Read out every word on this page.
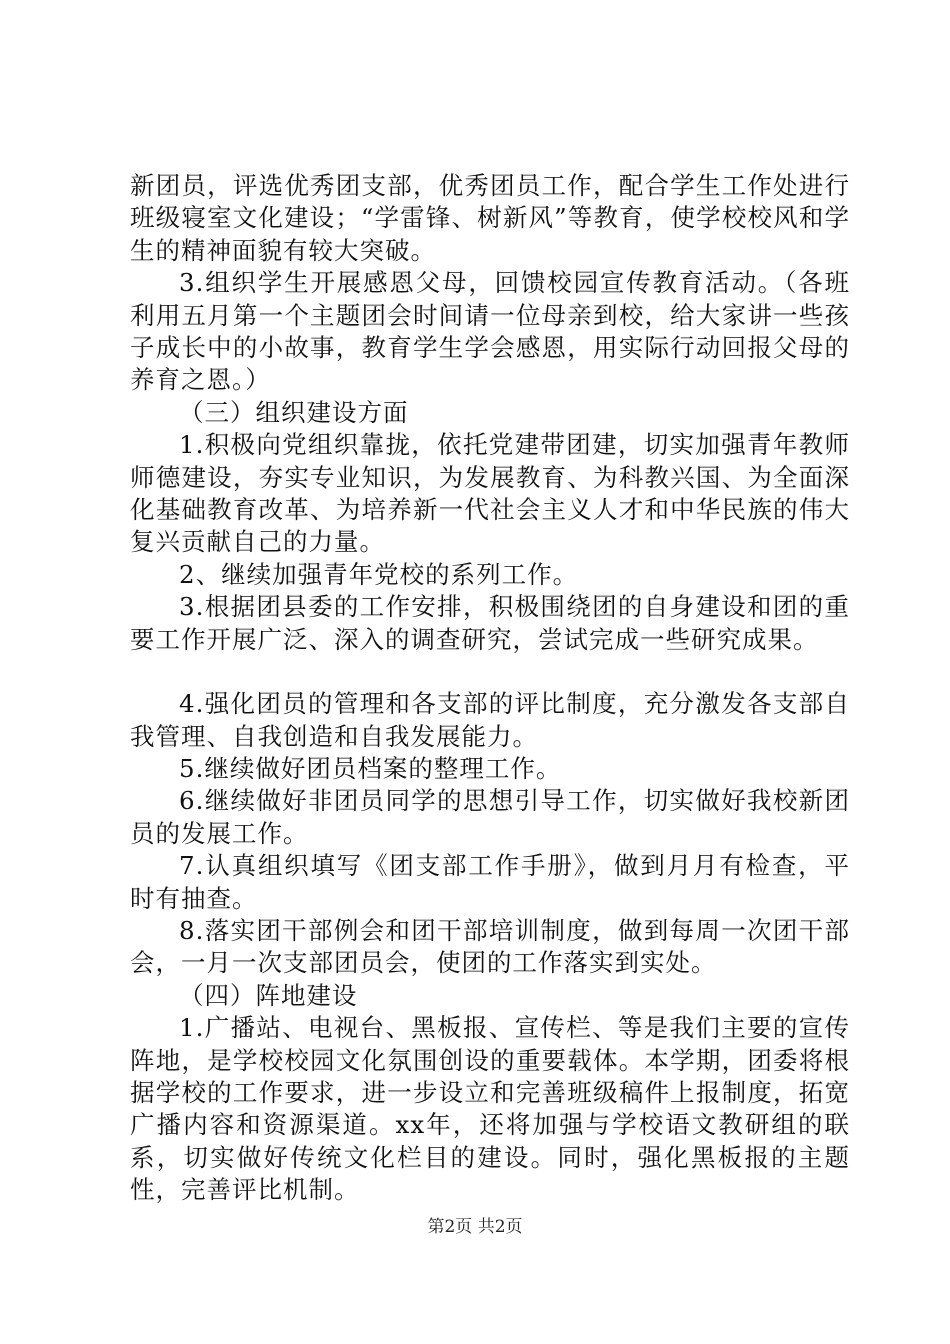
新团员，评选优秀团支部，优秀团员工作，配合学生工作处进行班级寝室文化建设；“学雷锋、树新风”等教育，使学校校风和学生的精神面貌有较大突破。

3.组织学生开展感恩父母，回馈校园宣传教育活动。（各班利用五月第一个主题团会时间请一位母亲到校，给大家讲一些孩子成长中的小故事，教育学生学会感恩，用实际行动回报父母的养育之恩。）

（三）组织建设方面

1.积极向党组织靠拢，依托党建带团建，切实加强青年教师师德建设，夯实专业知识，为发展教育、为科教兴国、为全面深化基础教育改革、为培养新一代社会主义人才和中华民族的伟大复兴贡献自己的力量。

2、继续加强青年党校的系列工作。

3.根据团县委的工作安排，积极围绕团的自身建设和团的重要工作开展广泛、深入的调查研究，尝试完成一些研究成果。

4.强化团员的管理和各支部的评比制度，充分激发各支部自我管理、自我创造和自我发展能力。

5.继续做好团员档案的整理工作。

6.继续做好非团员同学的思想引导工作，切实做好我校新团员的发展工作。

7.认真组织填写《团支部工作手册》，做到月月有检查，平时有抽查。

8.落实团干部例会和团干部培训制度，做到每周一次团干部会，一月一次支部团员会，使团的工作落实到实处。

（四）阵地建设

1.广播站、电视台、黑板报、宣传栏、等是我们主要的宣传阵地，是学校校园文化氛围创设的重要载体。本学期，团委将根据学校的工作要求，进一步设立和完善班级稿件上报制度，拓宽广播内容和资源渠道。xx年，还将加强与学校语文教研组的联系，切实做好传统文化栏目的建设。同时，强化黑板报的主题性，完善评比机制。

第2页 共2页
